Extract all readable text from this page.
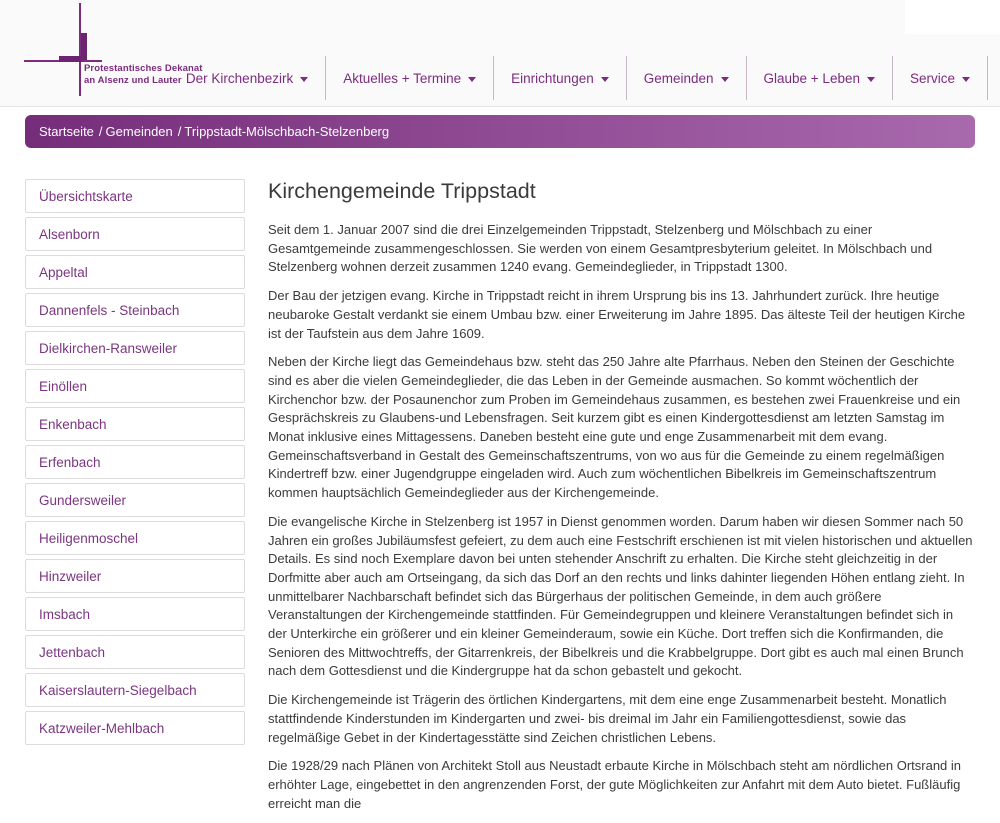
Protestantisches Dekanat
an Alsenz und Lauter Der Kirchenbezirk	Aktuelles + Termine	Einrichtungen	Gemeinden	Glaube + Leben	Service
Startseite / Gemeinden / Trippstadt-Mölschbach-Stelzenberg
Übersichtskarte
Alsenborn
Appeltal
Dannenfels - Steinbach
Dielkirchen-Ransweiler
Einöllen
Enkenbach
Erfenbach
Gundersweiler
Heiligenmoschel
Hinzweiler
Imsbach
Jettenbach
Kaiserslautern-Siegelbach
Katzweiler-Mehlbach
Kirchengemeinde Trippstadt

Seit dem 1. Januar 2007 sind die drei Einzelgemeinden Trippstadt, Stelzenberg und Mölschbach zu einer Gesamtgemeinde zusammengeschlossen. Sie werden von einem Gesamtpresbyterium geleitet. In Mölschbach und Stelzenberg wohnen derzeit zusammen 1240 evang. Gemeindeglieder, in Trippstadt 1300.

Der Bau der jetzigen evang. Kirche in Trippstadt reicht in ihrem Ursprung bis ins 13. Jahrhundert zurück. Ihre heutige neubaroke Gestalt verdankt sie einem Umbau bzw. einer Erweiterung im Jahre 1895. Das älteste Teil der heutigen Kirche ist der Taufstein aus dem Jahre 1609.

Neben der Kirche liegt das Gemeindehaus bzw. steht das 250 Jahre alte Pfarrhaus. Neben den Steinen der Geschichte sind es aber die vielen Gemeindeglieder, die das Leben in der Gemeinde ausmachen. So kommt wöchentlich der Kirchenchor bzw. der Posaunenchor zum Proben im Gemeindehaus zusammen, es bestehen zwei Frauenkreise und ein Gesprächskreis zu Glaubens-und Lebensfragen. Seit kurzem gibt es einen Kindergottesdienst am letzten Samstag im Monat inklusive eines Mittagessens. Daneben besteht eine gute und enge Zusammenarbeit mit dem evang. Gemeinschaftsverband in Gestalt des Gemeinschaftszentrums, von wo aus für die Gemeinde zu einem regelmäßigen Kindertreff bzw. einer Jugendgruppe eingeladen wird. Auch zum wöchentlichen Bibelkreis im Gemeinschaftszentrum kommen hauptsächlich Gemeindeglieder aus der Kirchengemeinde.

Die evangelische Kirche in Stelzenberg ist 1957 in Dienst genommen worden. Darum haben wir diesen Sommer nach 50 Jahren ein großes Jubiläumsfest gefeiert, zu dem auch eine Festschrift erschienen ist mit vielen historischen und aktuellen Details. Es sind noch Exemplare davon bei unten stehender Anschrift zu erhalten. Die Kirche steht gleichzeitig in der Dorfmitte aber auch am Ortseingang, da sich das Dorf an den rechts und links dahinter liegenden Höhen entlang zieht. In unmittelbarer Nachbarschaft befindet sich das Bürgerhaus der politischen Gemeinde, in dem auch größere Veranstaltungen der Kirchengemeinde stattfinden. Für Gemeindegruppen und kleinere Veranstaltungen befindet sich in der Unterkirche ein größerer und ein kleiner Gemeinderaum, sowie ein Küche. Dort treffen sich die Konfirmanden, die Senioren des Mittwochtreffs, der Gitarrenkreis, der Bibelkreis und die Krabbelgruppe. Dort gibt es auch mal einen Brunch nach dem Gottesdienst und die Kindergruppe hat da schon gebastelt und gekocht.

Die Kirchengemeinde ist Trägerin des örtlichen Kindergartens, mit dem eine enge Zusammenarbeit besteht. Monatlich stattfindende Kinderstunden im Kindergarten und zwei- bis dreimal im Jahr ein Familiengottesdienst, sowie das regelmäßige Gebet in der Kindertagesstätte sind Zeichen christlichen Lebens.

Die 1928/29 nach Plänen von Architekt Stoll aus Neustadt erbaute Kirche in Mölschbach steht am nördlichen Ortsrand in erhöhter Lage, eingebettet in den angrenzenden Forst, der gute Möglichkeiten zur Anfahrt mit dem Auto bietet. Fußläufig erreicht man die
